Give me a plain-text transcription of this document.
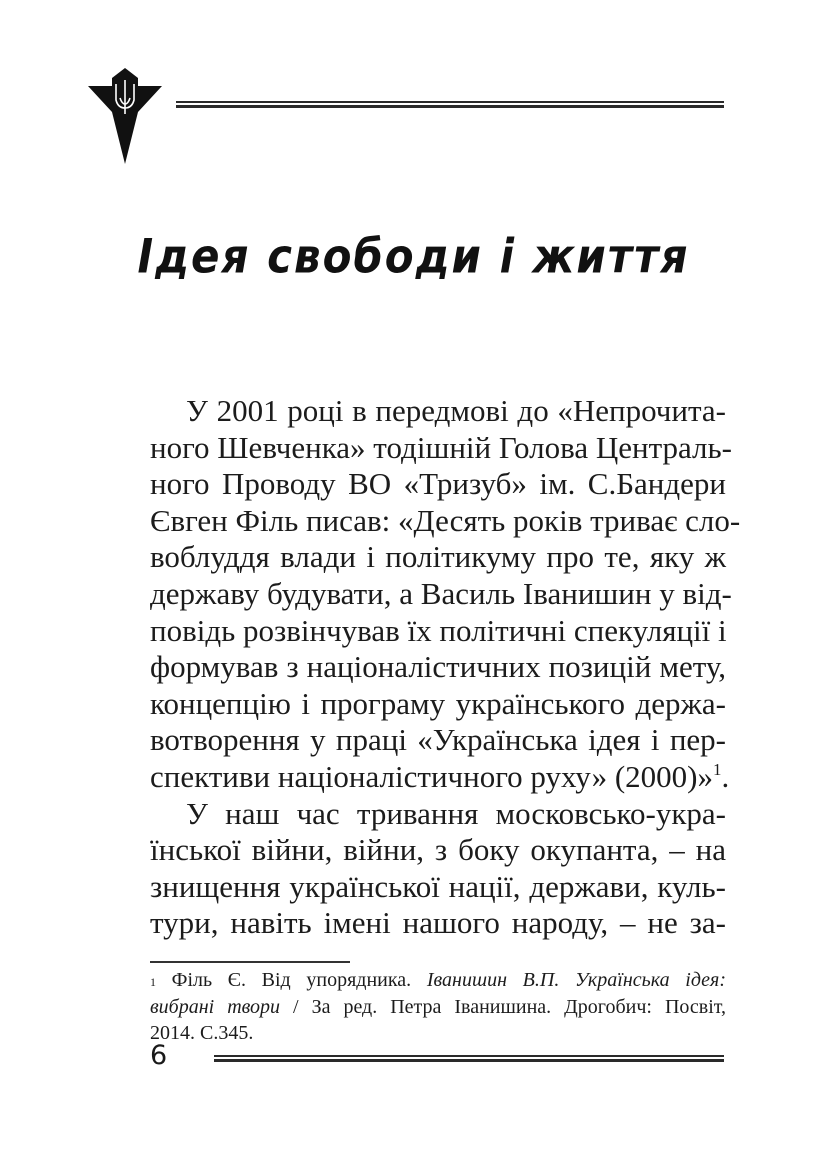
Ідея свободи і життя
У 2001 році в передмові до «Непрочита-
ного Шевченка» тодішній Голова Централь-
ного Проводу ВО «Тризуб» ім. С.Бандери
Євген Філь писав: «Десять років триває сло-
воблуддя влади і політикуму про те, яку ж
державу будувати, а Василь Іванишин у від-
повідь розвінчував їх політичні спекуляції і
формував з націоналістичних позицій мету,
концепцію і програму українського держа-
вотворення у праці «Українська ідея і пер-
спективи націоналістичного руху» (2000)»$^1$.
У наш час тривання московсько-укра-
їнської війни, війни, з боку окупанта, – на
знищення української нації, держави, куль-
тури, навіть імені нашого народу, – не за-
$^1$ Філь Є. Від упорядника. Іванишин В.П. Українська ідея:
вибрані твори / За ред. Петра Іванишина. Дрогобич: Посвіт,
2014. С.345.
6
